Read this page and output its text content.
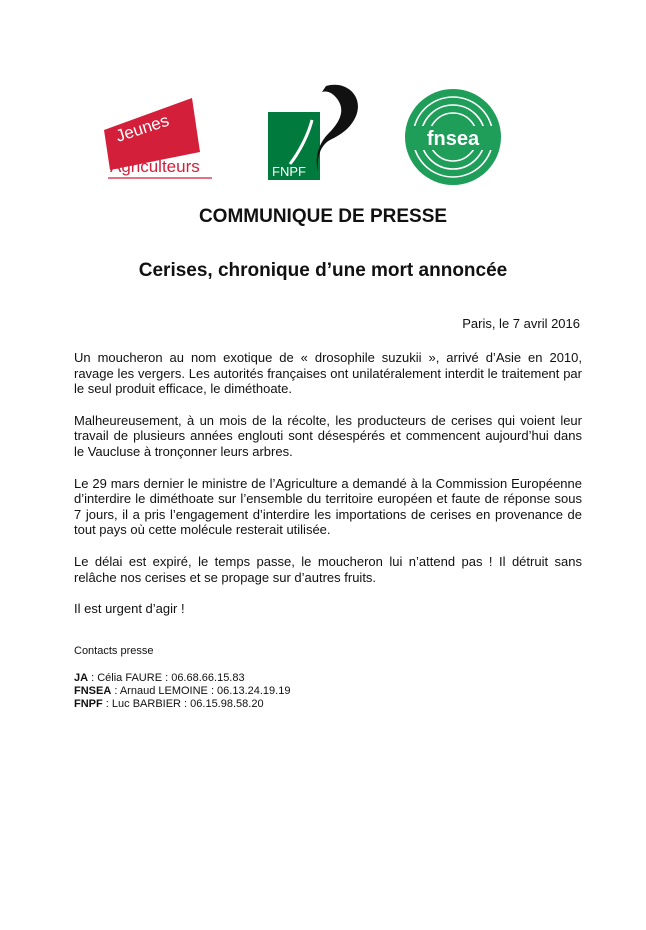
Jeunes
Agriculteurs	FNPF
fnsea
COMMUNIQUE DE PRESSE
Cerises, chronique d’une mort annoncée
Paris, le 7 avril 2016

Un moucheron au nom exotique de « drosophile suzukii », arrivé d’Asie en 2010, ravage les vergers. Les autorités françaises ont unilatéralement interdit le traitement par le seul produit efficace, le diméthoate.

Malheureusement, à un mois de la récolte, les producteurs de cerises qui voient leur travail de plusieurs années englouti sont désespérés et commencent aujourd’hui dans le Vaucluse à tronçonner leurs arbres.

Le 29 mars dernier le ministre de l’Agriculture a demandé à la Commission Européenne d’interdire le diméthoate sur l’ensemble du territoire européen et faute de réponse sous 7 jours, il a pris l’engagement d’interdire les importations de cerises en provenance de tout pays où cette molécule resterait utilisée.

Le délai est expiré, le temps passe, le moucheron lui n’attend pas ! Il détruit sans relâche nos cerises et se propage sur d’autres fruits.

Il est urgent d’agir !

Contacts presse
JA : Célia FAURE : 06.68.66.15.83
FNSEA : Arnaud LEMOINE : 06.13.24.19.19
FNPF : Luc BARBIER : 06.15.98.58.20
